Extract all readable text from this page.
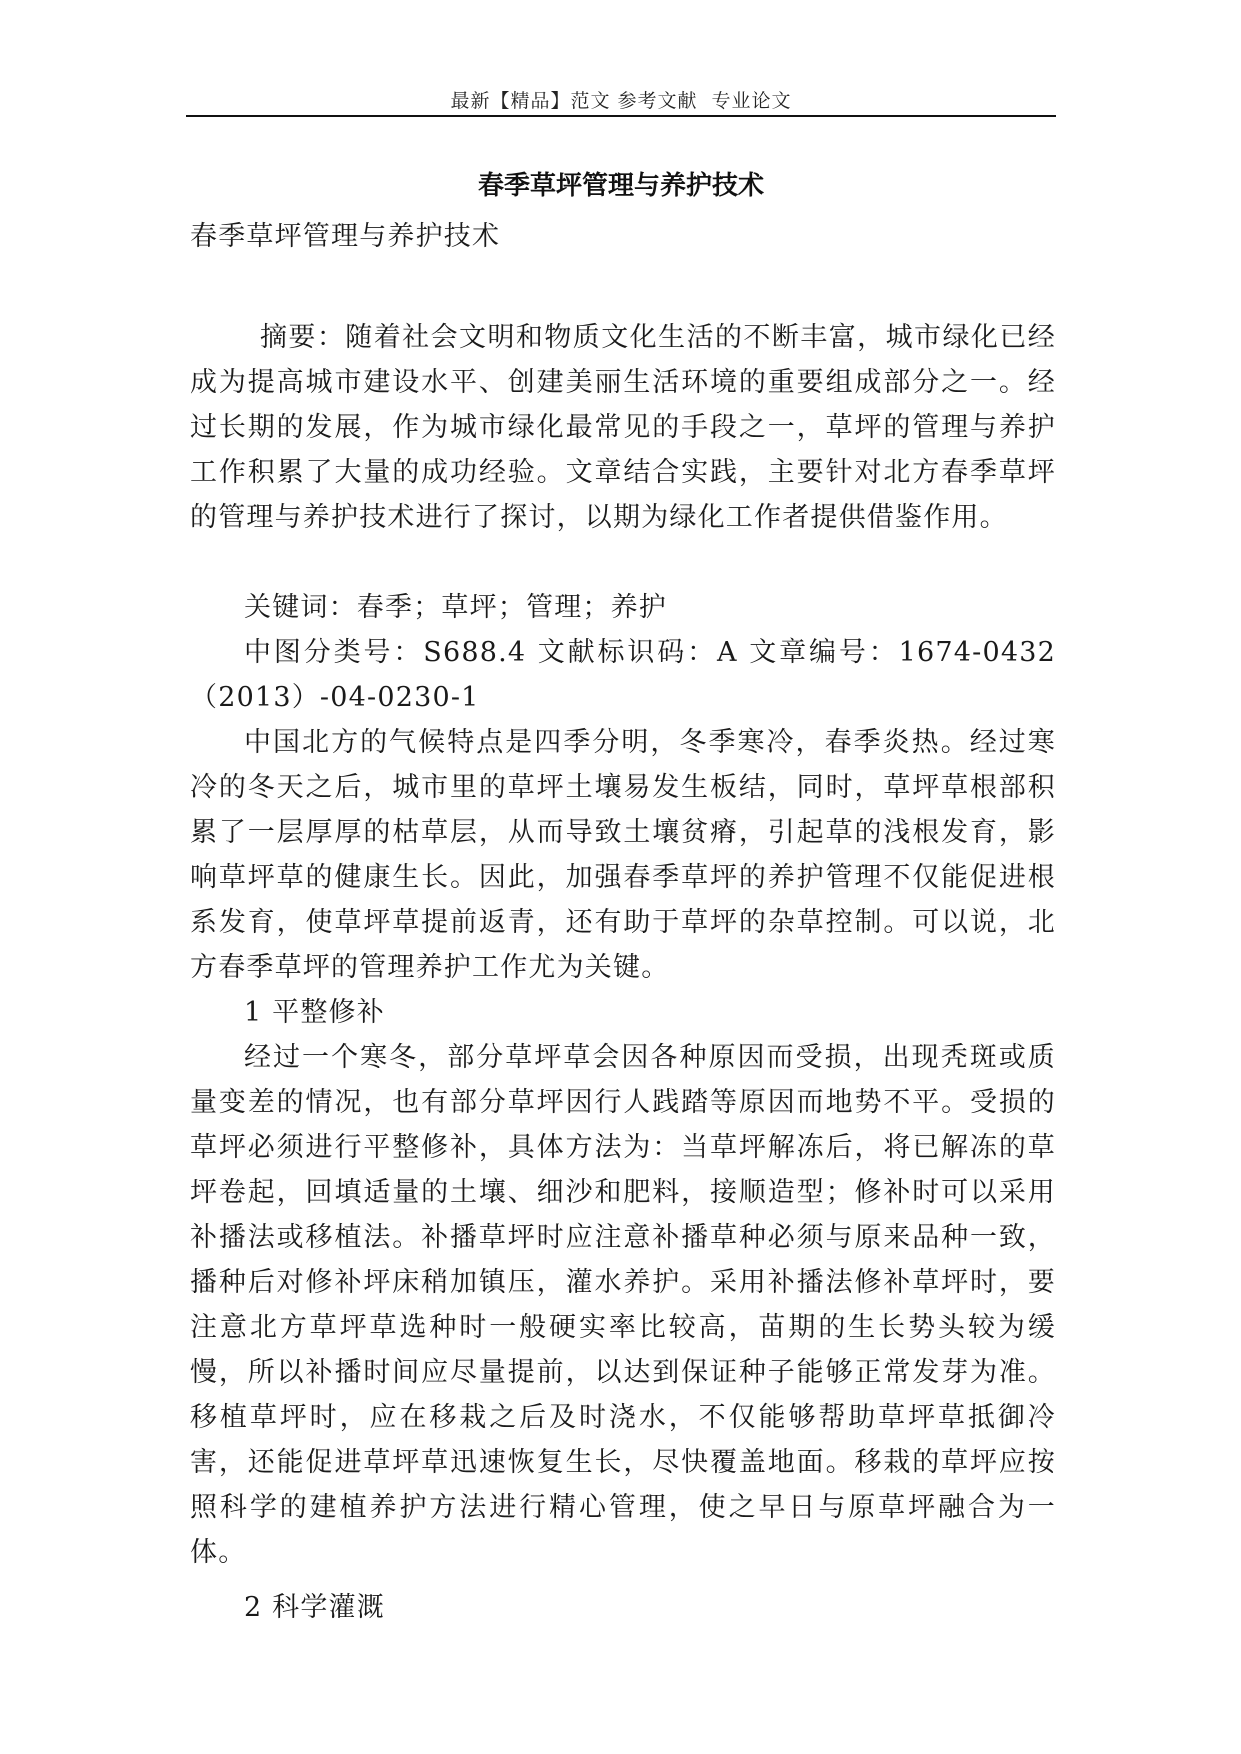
最新【精品】范文 参考文献  专业论文
春季草坪管理与养护技术

春季草坪管理与养护技术

摘要：随着社会文明和物质文化生活的不断丰富，城市绿化已经成为提高城市建设水平、创建美丽生活环境的重要组成部分之一。经过长期的发展，作为城市绿化最常见的手段之一，草坪的管理与养护工作积累了大量的成功经验。文章结合实践，主要针对北方春季草坪的管理与养护技术进行了探讨，以期为绿化工作者提供借鉴作用。

关键词：春季；草坪；管理；养护

中图分类号：S688.4 文献标识码：A 文章编号：1674-0432（2013）-04-0230-1

中国北方的气候特点是四季分明，冬季寒冷，春季炎热。经过寒冷的冬天之后，城市里的草坪土壤易发生板结，同时，草坪草根部积累了一层厚厚的枯草层，从而导致土壤贫瘠，引起草的浅根发育，影响草坪草的健康生长。因此，加强春季草坪的养护管理不仅能促进根系发育，使草坪草提前返青，还有助于草坪的杂草控制。可以说，北方春季草坪的管理养护工作尤为关键。

1 平整修补

经过一个寒冬，部分草坪草会因各种原因而受损，出现秃斑或质量变差的情况，也有部分草坪因行人践踏等原因而地势不平。受损的草坪必须进行平整修补，具体方法为：当草坪解冻后，将已解冻的草坪卷起，回填适量的土壤、细沙和肥料，接顺造型；修补时可以采用补播法或移植法。补播草坪时应注意补播草种必须与原来品种一致，播种后对修补坪床稍加镇压，灌水养护。采用补播法修补草坪时，要注意北方草坪草选种时一般硬实率比较高，苗期的生长势头较为缓慢，所以补播时间应尽量提前，以达到保证种子能够正常发芽为准。移植草坪时，应在移栽之后及时浇水，不仅能够帮助草坪草抵御冷害，还能促进草坪草迅速恢复生长，尽快覆盖地面。移栽的草坪应按照科学的建植养护方法进行精心管理，使之早日与原草坪融合为一体。

2 科学灌溉
